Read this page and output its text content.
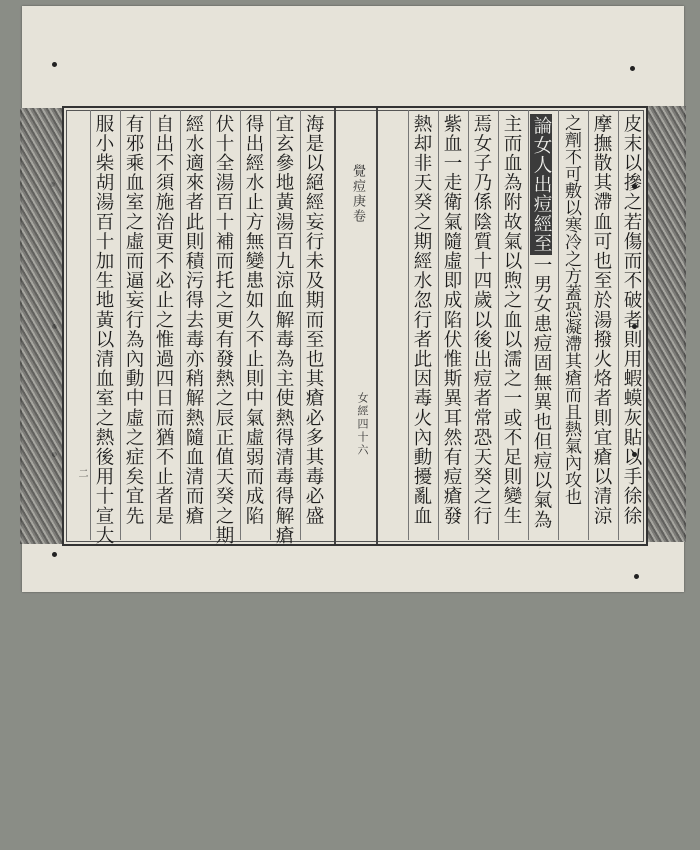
海是以絕經妄行未及期而至也其瘡必多其毒必盛
宜玄參地黃湯百九涼血解毒為主使熱得清毒得解瘡
得出經水止方無變患如久不止則中氣虛弱而成陷
伏十全湯百十補而托之更有發熱之辰正值天癸之期
經水適來者此則積污得去毒亦稍解熱隨血清而瘡
自出不須施治更不必止之惟過四日而猶不止者是
有邪乘血室之虛而逼妄行為內動中虛之症矣宜先
服小柴胡湯百十加生地黃以清血室之熱後用十宣大
二
覺痘庚卷
女經
四十六	皮末以摻之若傷而不破者則用蝦蟆灰貼以手徐徐
摩撫散其滯血可也至於湯撥火烙者則宜瘡以清涼
之劑不可敷以寒冷之方蓋恐凝滯其瘡而且熱氣內攻也
論女人出痘經至一男女患痘固無異也但痘以氣為
主而血為附故氣以煦之血以濡之一或不足則變生
焉女子乃係陰質十四歲以後出痘者常恐天癸之行
紫血一走衛氣隨虛即成陷伏惟斯異耳然有痘瘡發
熱却非天癸之期經水忽行者此因毒火內動擾亂血
